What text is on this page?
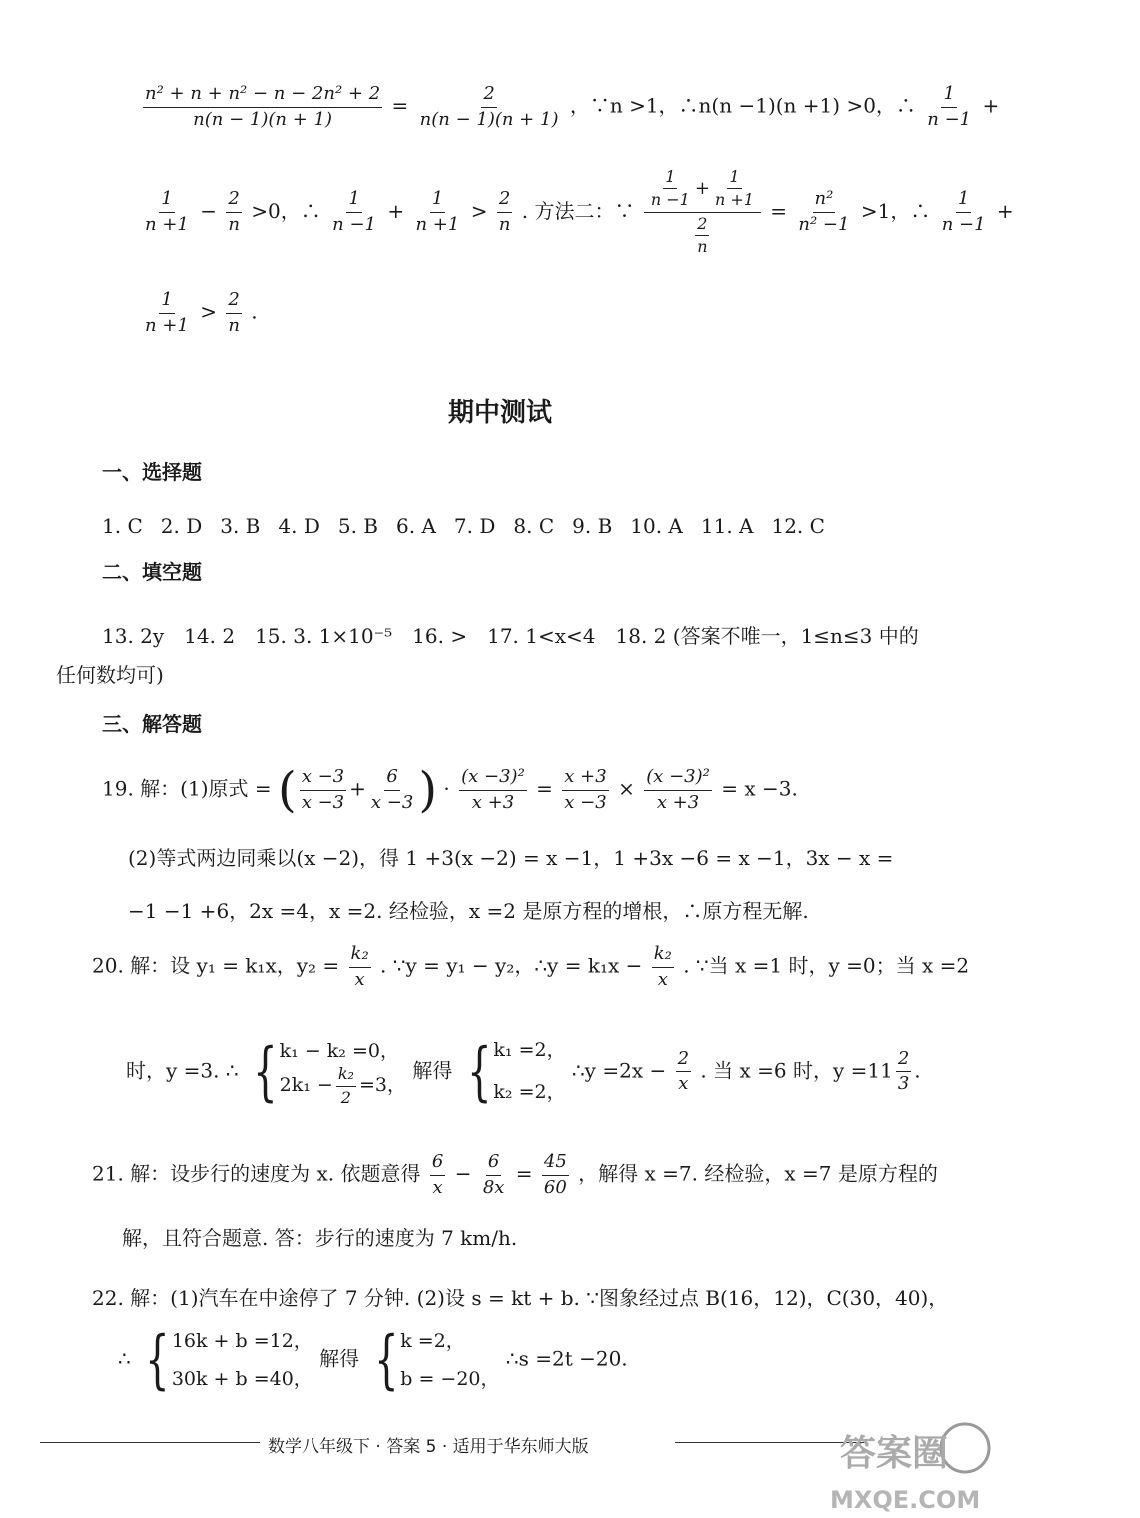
$\frac{\text{n² + n + n² − n − 2n² + 2}}{n(n - 1)(n + 1)} = \frac{2}{n(n - 1)(n + 1)}$ ，∵n >1，∴n(n −1)(n +1) >0，∴ $\frac{1}{n -1}$ +
$\frac{1}{n +1} - \frac{2}{n} >0$，∴ $\frac{1}{n -1} + \frac{1}{n +1} > \frac{2}{n}$ . 方法二：∵ $\frac{\frac{1}{n -1} + \frac{1}{n +1}}{\frac{2}{n}} = \frac{\text{n²}}{\text{n² −1}} >1$，∴ $\frac{1}{n -1}$ +
$\frac{1}{n +1} > \frac{2}{n}$ .
期中测试
一、选择题
1. C 2. D 3. B 4. D 5. B 6. A 7. D 8. C 9. B 10. A 11. A 12. C
二、填空题
13. 2y　14. 2　15. 3. 1×10⁻⁵　16. >　17. 1<x<4　18. 2 (答案不唯一，1≤n≤3 中的
任何数均可)
三、解答题
19. 解：(1)原式 = ( $\frac{x -3}{x -3} + \frac{6}{x -3}$ ) · $\frac{\text{(x −3)²}}{x +3} = \frac{x +3}{x -3} \times \frac{\text{(x −3)²}}{x +3} = x -3$.
(2)等式两边同乘以(x −2)，得 1 +3(x −2) = x −1，1 +3x −6 = x −1，3x − x =
−1 −1 +6，2x =4，x =2. 经检验，x =2 是原方程的增根，∴原方程无解.
20. 解：设 y₁ = k₁x，$y_2 = \frac{\text{k₂}}{x}$ . ∵y = y₁ − y₂，∴y = $k_1x - \frac{\text{k₂}}{x}$ . ∵当 x =1 时，y =0；当 x =2
时，y =3. ∴ { k₁ − k₂ =0，
$2k_1 - \frac{\text{k₂}}{2} =3$，
解得 { k₁ =2，
k₂ =2，
∴y $=2x - \frac{2}{x}$ . 当 x =6 时，$y =11 \frac{2}{3}$ .
21. 解：设步行的速度为 x. 依题意得 $\frac{6}{x} - \frac{6}{8x} = \frac{45}{60}$ ，解得 x =7. 经检验，x =7 是原方程的
解，且符合题意. 答：步行的速度为 7 km/h.
22. 解：(1)汽车在中途停了 7 分钟. (2)设 s = kt + b. ∵图象经过点 B(16，12)，C(30，40)，
∴ { 16k + b =12，
30k + b =40，
解得 { k =2，
b = −20，
∴s =2t −20.
数学八年级下 · 答案 5 · 适用于华东师大版	答案圈
MXQE.COM
